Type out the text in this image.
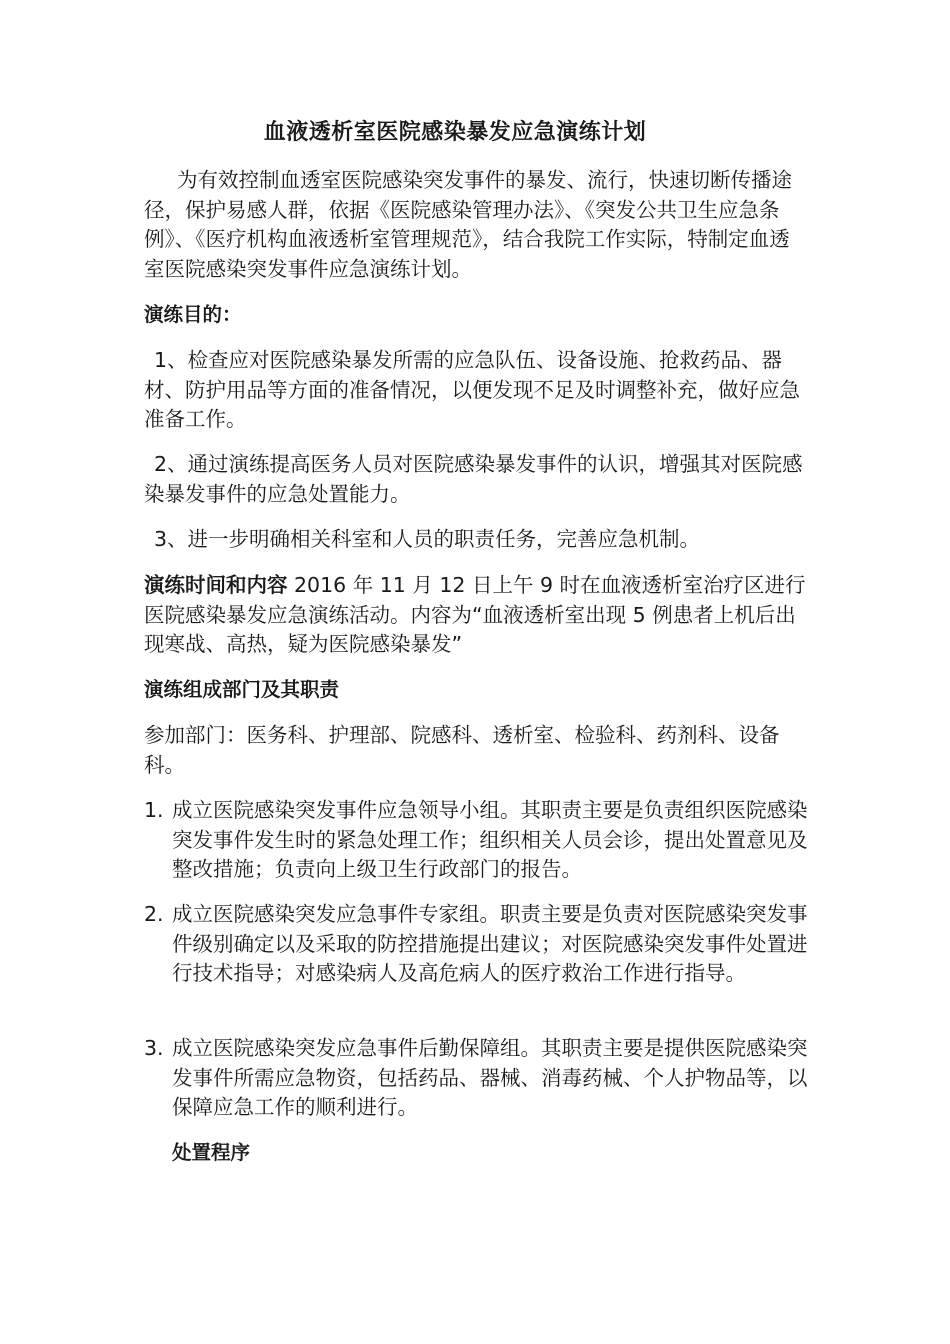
血液透析室医院感染暴发应急演练计划
为有效控制血透室医院感染突发事件的暴发、流行，快速切断传播途径，保护易感人群，依据《医院感染管理办法》、《突发公共卫生应急条例》、《医疗机构血液透析室管理规范》，结合我院工作实际，特制定血透室医院感染突发事件应急演练计划。
演练目的：
1、检查应对医院感染暴发所需的应急队伍、设备设施、抢救药品、器材、防护用品等方面的准备情况，以便发现不足及时调整补充，做好应急准备工作。
2、通过演练提高医务人员对医院感染暴发事件的认识，增强其对医院感染暴发事件的应急处置能力。
3、进一步明确相关科室和人员的职责任务，完善应急机制。
演练时间和内容 2016 年 11 月 12 日上午 9 时在血液透析室治疗区进行医院感染暴发应急演练活动。内容为“血液透析室出现 5 例患者上机后出现寒战、高热，疑为医院感染暴发”
演练组成部门及其职责
参加部门：医务科、护理部、院感科、透析室、检验科、药剂科、设备科。
1. 成立医院感染突发事件应急领导小组。其职责主要是负责组织医院感染突发事件发生时的紧急处理工作；组织相关人员会诊，提出处置意见及整改措施；负责向上级卫生行政部门的报告。
2. 成立医院感染突发应急事件专家组。职责主要是负责对医院感染突发事件级别确定以及采取的防控措施提出建议；对医院感染突发事件处置进行技术指导；对感染病人及高危病人的医疗救治工作进行指导。
3. 成立医院感染突发应急事件后勤保障组。其职责主要是提供医院感染突发事件所需应急物资，包括药品、器械、消毒药械、个人护物品等，以保障应急工作的顺利进行。
处置程序
